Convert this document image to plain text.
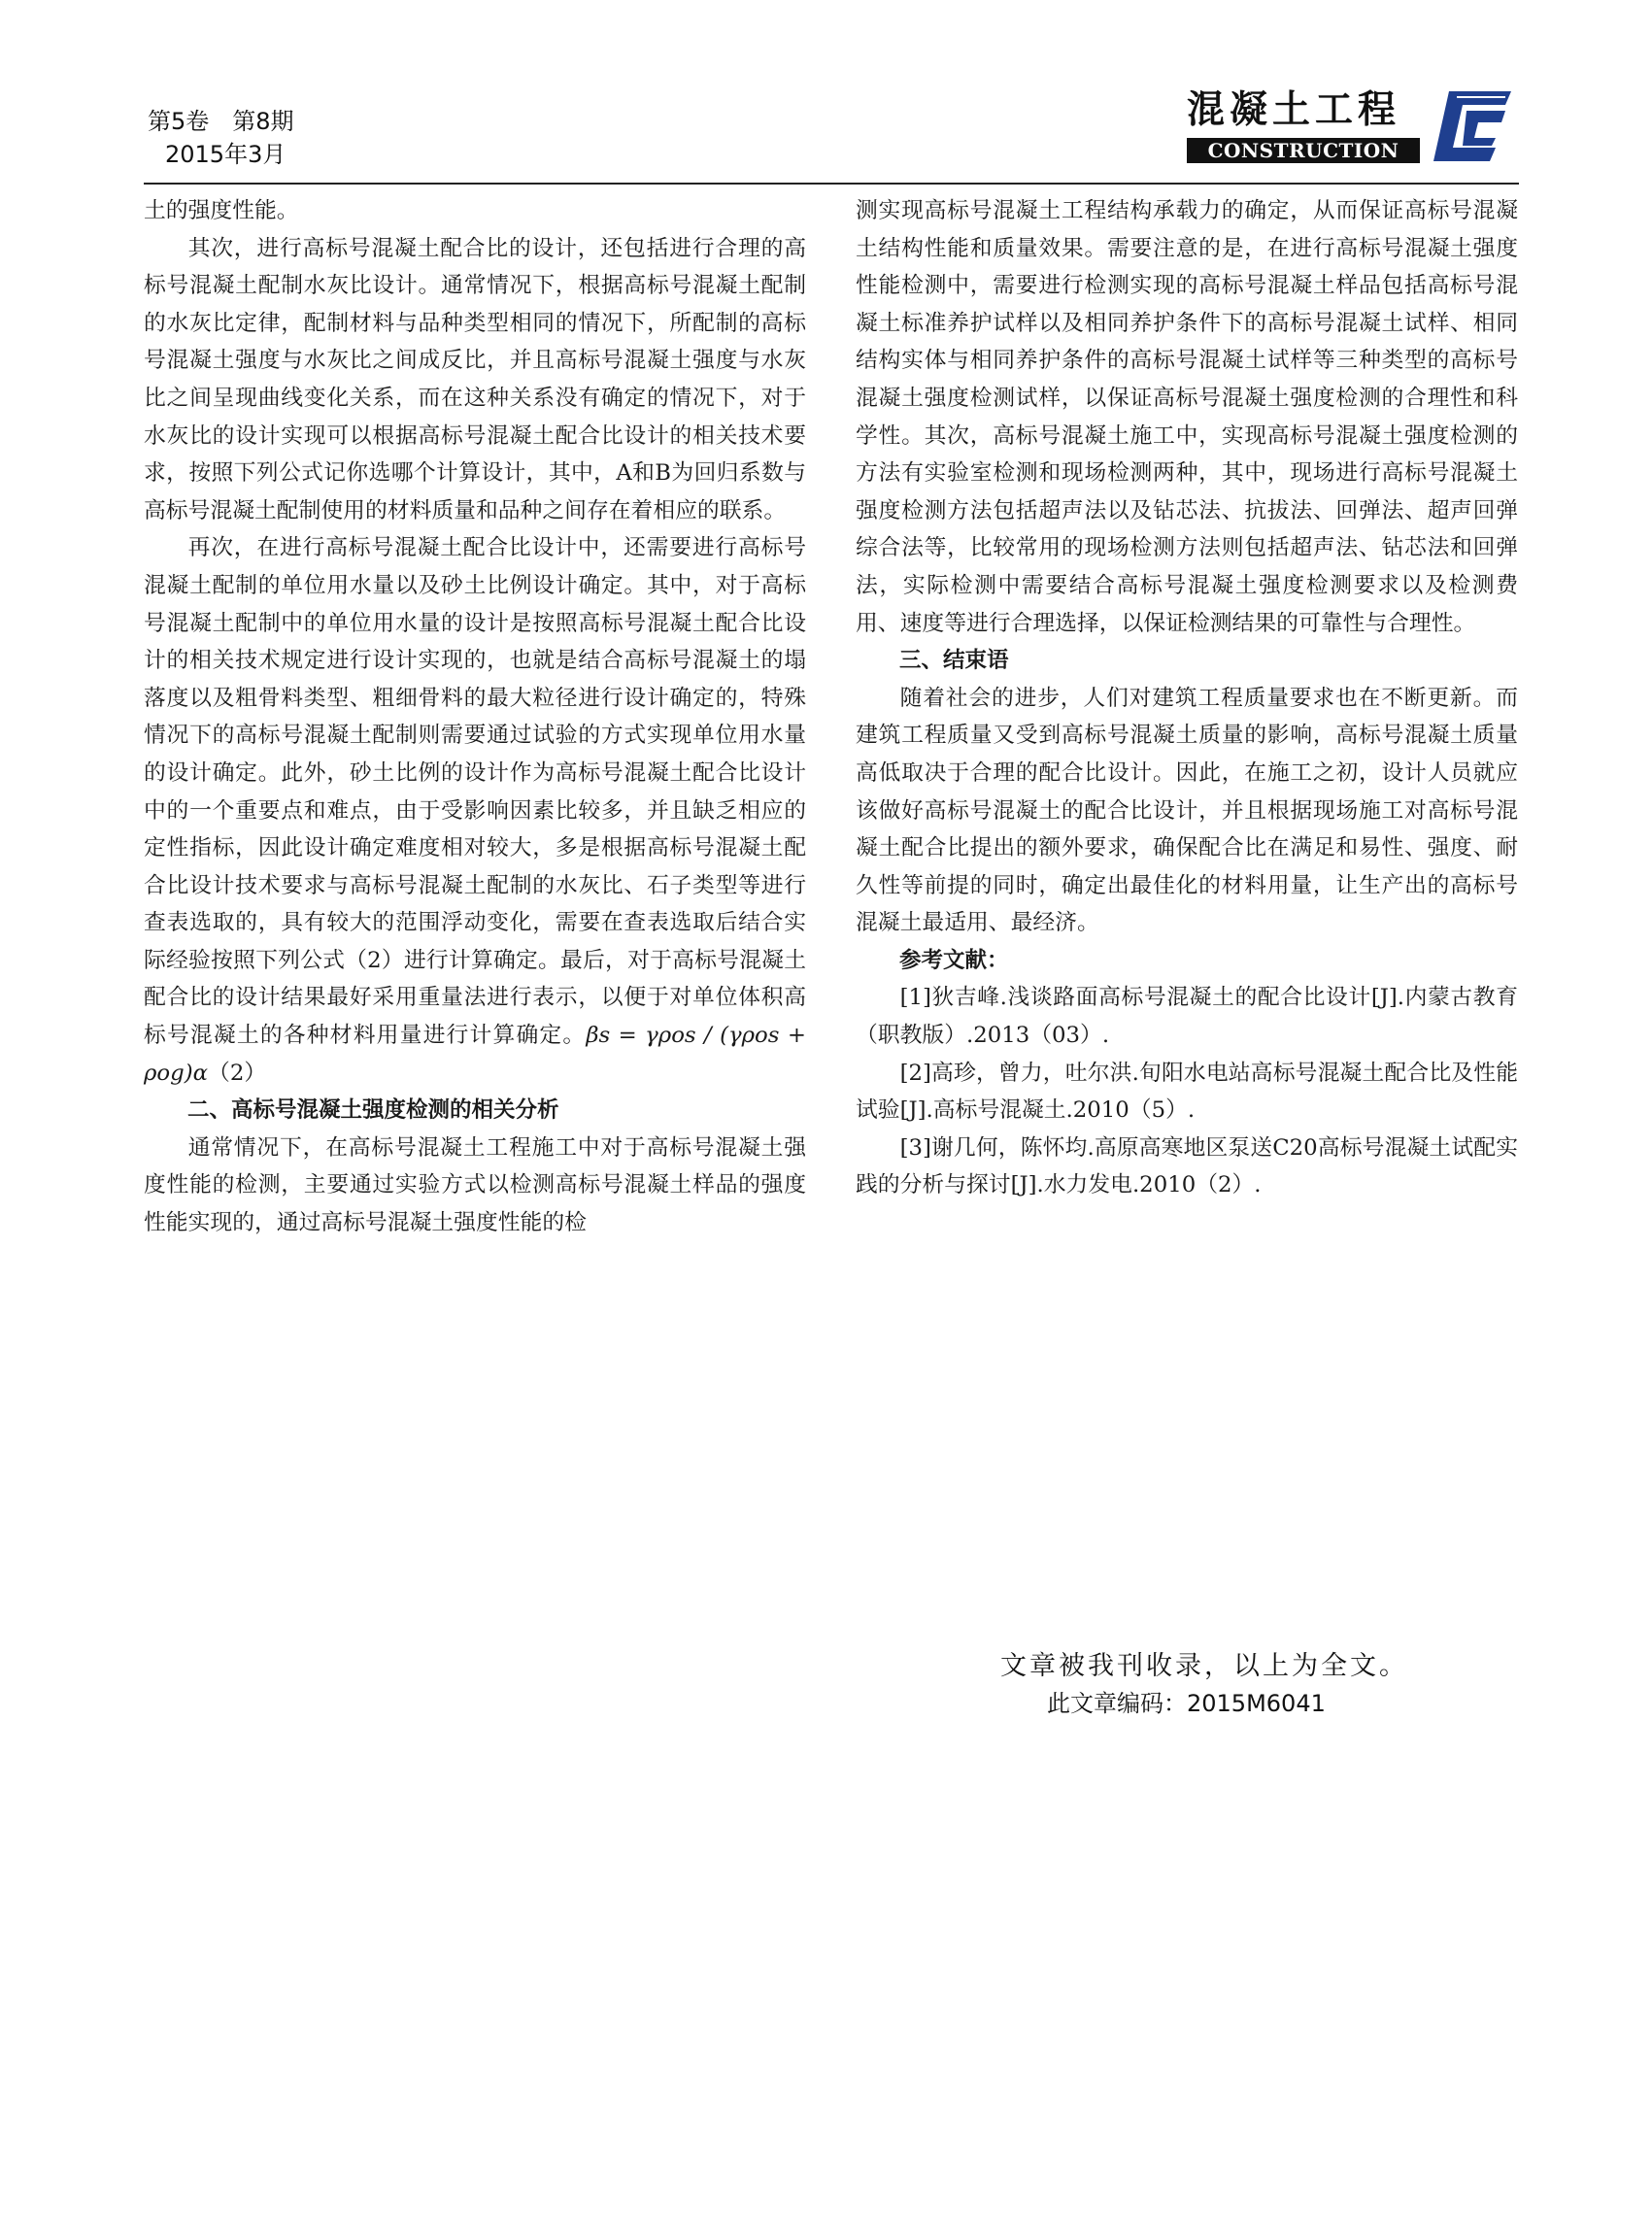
第5卷　第8期
2015年3月
混凝土工程
CONSTRUCTION

土的强度性能。

其次，进行高标号混凝土配合比的设计，还包括进行合理的高标号混凝土配制水灰比设计。通常情况下，根据高标号混凝土配制的水灰比定律，配制材料与品种类型相同的情况下，所配制的高标号混凝土强度与水灰比之间成反比，并且高标号混凝土强度与水灰比之间呈现曲线变化关系，而在这种关系没有确定的情况下，对于水灰比的设计实现可以根据高标号混凝土配合比设计的相关技术要求，按照下列公式记你选哪个计算设计，其中，A和B为回归系数与高标号混凝土配制使用的材料质量和品种之间存在着相应的联系。

再次，在进行高标号混凝土配合比设计中，还需要进行高标号混凝土配制的单位用水量以及砂土比例设计确定。其中，对于高标号混凝土配制中的单位用水量的设计是按照高标号混凝土配合比设计的相关技术规定进行设计实现的，也就是结合高标号混凝土的塌落度以及粗骨料类型、粗细骨料的最大粒径进行设计确定的，特殊情况下的高标号混凝土配制则需要通过试验的方式实现单位用水量的设计确定。此外，砂土比例的设计作为高标号混凝土配合比设计中的一个重要点和难点，由于受影响因素比较多，并且缺乏相应的定性指标，因此设计确定难度相对较大，多是根据高标号混凝土配合比设计技术要求与高标号混凝土配制的水灰比、石子类型等进行查表选取的，具有较大的范围浮动变化，需要在查表选取后结合实际经验按照下列公式（2）进行计算确定。最后，对于高标号混凝土配合比的设计结果最好采用重量法进行表示，以便于对单位体积高标号混凝土的各种材料用量进行计算确定。βs = γρos / (γρos + ρog)α（2）

二、高标号混凝土强度检测的相关分析

通常情况下，在高标号混凝土工程施工中对于高标号混凝土强度性能的检测，主要通过实验方式以检测高标号混凝土样品的强度性能实现的，通过高标号混凝土强度性能的检

测实现高标号混凝土工程结构承载力的确定，从而保证高标号混凝土结构性能和质量效果。需要注意的是，在进行高标号混凝土强度性能检测中，需要进行检测实现的高标号混凝土样品包括高标号混凝土标准养护试样以及相同养护条件下的高标号混凝土试样、相同结构实体与相同养护条件的高标号混凝土试样等三种类型的高标号混凝土强度检测试样，以保证高标号混凝土强度检测的合理性和科学性。其次，高标号混凝土施工中，实现高标号混凝土强度检测的方法有实验室检测和现场检测两种，其中，现场进行高标号混凝土强度检测方法包括超声法以及钻芯法、抗拔法、回弹法、超声回弹综合法等，比较常用的现场检测方法则包括超声法、钻芯法和回弹法，实际检测中需要结合高标号混凝土强度检测要求以及检测费用、速度等进行合理选择，以保证检测结果的可靠性与合理性。

三、结束语

随着社会的进步，人们对建筑工程质量要求也在不断更新。而建筑工程质量又受到高标号混凝土质量的影响，高标号混凝土质量高低取决于合理的配合比设计。因此，在施工之初，设计人员就应该做好高标号混凝土的配合比设计，并且根据现场施工对高标号混凝土配合比提出的额外要求，确保配合比在满足和易性、强度、耐久性等前提的同时，确定出最佳化的材料用量，让生产出的高标号混凝土最适用、最经济。

参考文献：

[1]狄吉峰.浅谈路面高标号混凝土的配合比设计[J].内蒙古教育（职教版）.2013（03）.

[2]高珍，曾力，吐尔洪.旬阳水电站高标号混凝土配合比及性能试验[J].高标号混凝土.2010（5）.

[3]谢几何，陈怀均.高原高寒地区泵送C20高标号混凝土试配实践的分析与探讨[J].水力发电.2010（2）.

文章被我刊收录，以上为全文。
此文章编码：2015M6041
